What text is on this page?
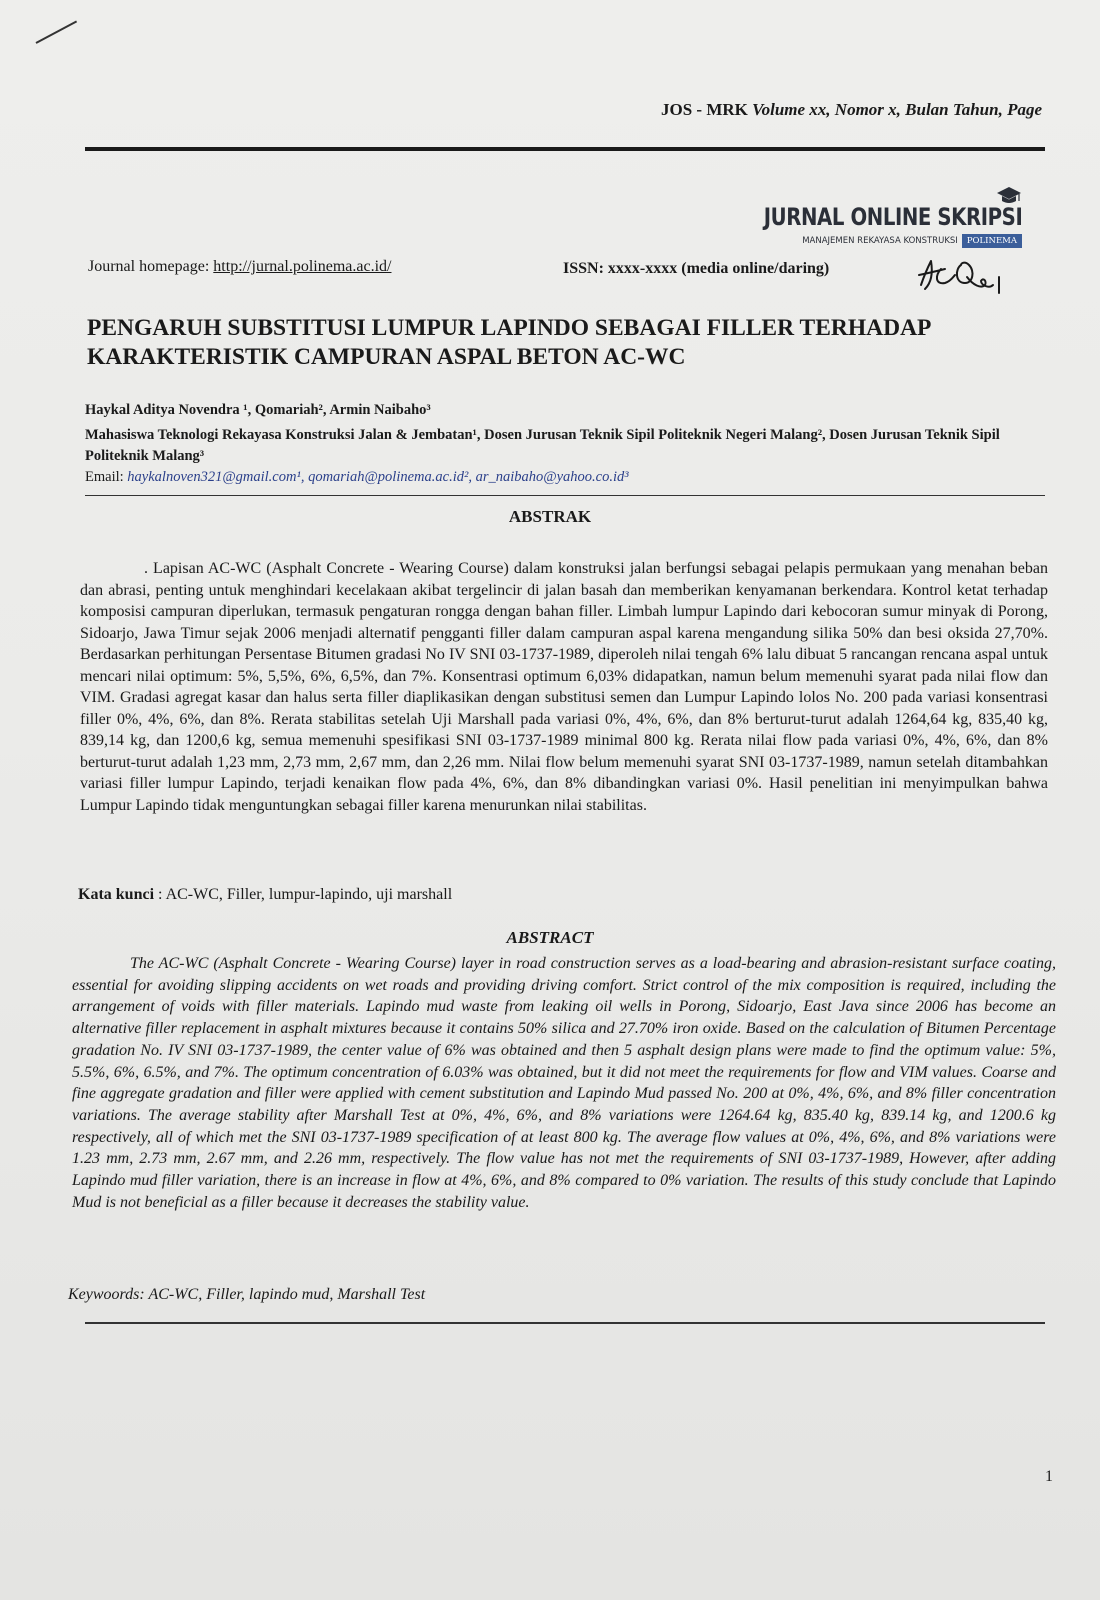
JOS - MRK Volume xx, Nomor x, Bulan Tahun, Page
JURNAL ONLINE SKRIPSI
MANAJEMEN REKAYASA KONSTRUKSI	POLINEMA
Journal homepage: http://jurnal.polinema.ac.id/	ISSN: xxxx-xxxx (media online/daring)
PENGARUH SUBSTITUSI LUMPUR LAPINDO SEBAGAI FILLER TERHADAP
KARAKTERISTIK CAMPURAN ASPAL BETON AC-WC
Haykal Aditya Novendra ¹, Qomariah², Armin Naibaho³
Mahasiswa Teknologi Rekayasa Konstruksi Jalan & Jembatan¹, Dosen Jurusan Teknik Sipil Politeknik Negeri Malang², Dosen Jurusan Teknik Sipil Politeknik Malang³
Email: haykalnoven321@gmail.com¹, qomariah@polinema.ac.id², ar_naibaho@yahoo.co.id³
ABSTRAK

. Lapisan AC-WC (Asphalt Concrete - Wearing Course) dalam konstruksi jalan berfungsi sebagai pelapis permukaan yang menahan beban dan abrasi, penting untuk menghindari kecelakaan akibat tergelincir di jalan basah dan memberikan kenyamanan berkendara. Kontrol ketat terhadap komposisi campuran diperlukan, termasuk pengaturan rongga dengan bahan filler. Limbah lumpur Lapindo dari kebocoran sumur minyak di Porong, Sidoarjo, Jawa Timur sejak 2006 menjadi alternatif pengganti filler dalam campuran aspal karena mengandung silika 50% dan besi oksida 27,70%. Berdasarkan perhitungan Persentase Bitumen gradasi No IV SNI 03-1737-1989, diperoleh nilai tengah 6% lalu dibuat 5 rancangan rencana aspal untuk mencari nilai optimum: 5%, 5,5%, 6%, 6,5%, dan 7%. Konsentrasi optimum 6,03% didapatkan, namun belum memenuhi syarat pada nilai flow dan VIM. Gradasi agregat kasar dan halus serta filler diaplikasikan dengan substitusi semen dan Lumpur Lapindo lolos No. 200 pada variasi konsentrasi filler 0%, 4%, 6%, dan 8%. Rerata stabilitas setelah Uji Marshall pada variasi 0%, 4%, 6%, dan 8% berturut-turut adalah 1264,64 kg, 835,40 kg, 839,14 kg, dan 1200,6 kg, semua memenuhi spesifikasi SNI 03-1737-1989 minimal 800 kg. Rerata nilai flow pada variasi 0%, 4%, 6%, dan 8% berturut-turut adalah 1,23 mm, 2,73 mm, 2,67 mm, dan 2,26 mm. Nilai flow belum memenuhi syarat SNI 03-1737-1989, namun setelah ditambahkan variasi filler lumpur Lapindo, terjadi kenaikan flow pada 4%, 6%, dan 8% dibandingkan variasi 0%. Hasil penelitian ini menyimpulkan bahwa Lumpur Lapindo tidak menguntungkan sebagai filler karena menurunkan nilai stabilitas.

Kata kunci : AC-WC, Filler, lumpur-lapindo, uji marshall
ABSTRACT

The AC-WC (Asphalt Concrete - Wearing Course) layer in road construction serves as a load-bearing and abrasion-resistant surface coating, essential for avoiding slipping accidents on wet roads and providing driving comfort. Strict control of the mix composition is required, including the arrangement of voids with filler materials. Lapindo mud waste from leaking oil wells in Porong, Sidoarjo, East Java since 2006 has become an alternative filler replacement in asphalt mixtures because it contains 50% silica and 27.70% iron oxide. Based on the calculation of Bitumen Percentage gradation No. IV SNI 03-1737-1989, the center value of 6% was obtained and then 5 asphalt design plans were made to find the optimum value: 5%, 5.5%, 6%, 6.5%, and 7%. The optimum concentration of 6.03% was obtained, but it did not meet the requirements for flow and VIM values. Coarse and fine aggregate gradation and filler were applied with cement substitution and Lapindo Mud passed No. 200 at 0%, 4%, 6%, and 8% filler concentration variations. The average stability after Marshall Test at 0%, 4%, 6%, and 8% variations were 1264.64 kg, 835.40 kg, 839.14 kg, and 1200.6 kg respectively, all of which met the SNI 03-1737-1989 specification of at least 800 kg. The average flow values at 0%, 4%, 6%, and 8% variations were 1.23 mm, 2.73 mm, 2.67 mm, and 2.26 mm, respectively. The flow value has not met the requirements of SNI 03-1737-1989, However, after adding Lapindo mud filler variation, there is an increase in flow at 4%, 6%, and 8% compared to 0% variation. The results of this study conclude that Lapindo Mud is not beneficial as a filler because it decreases the stability value.

Keywoords: AC-WC, Filler, lapindo mud, Marshall Test
1
